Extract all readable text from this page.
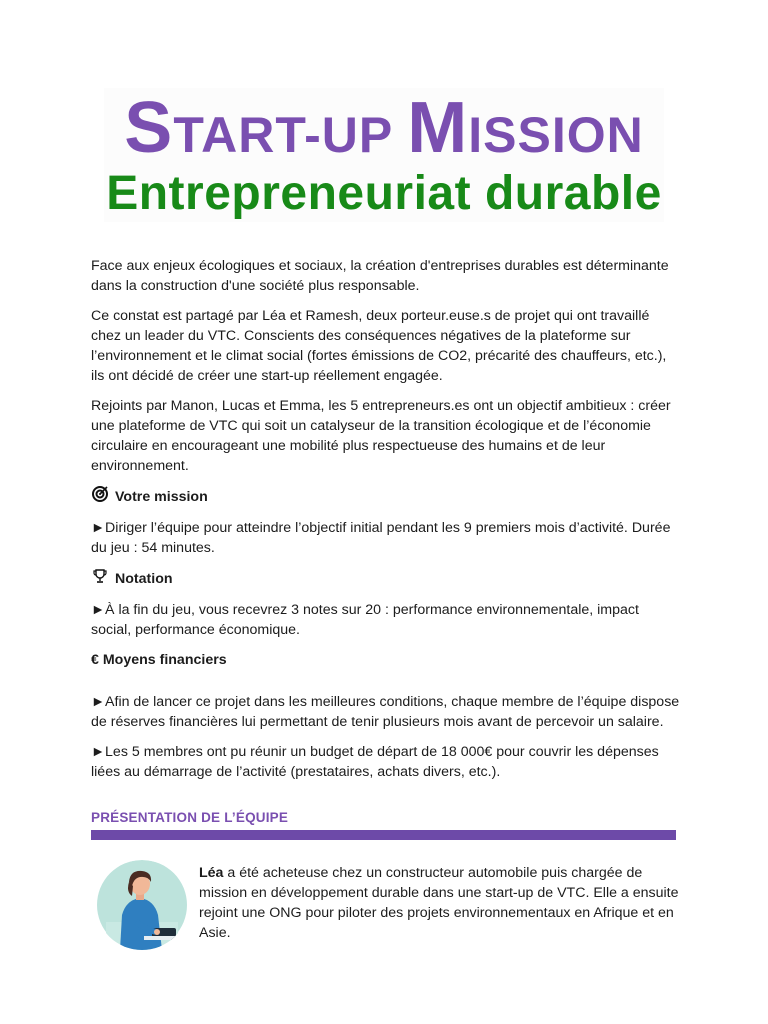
START-UP MISSION
Entrepreneuriat durable

Face aux enjeux écologiques et sociaux, la création d'entreprises durables est déterminante dans la construction d'une société plus responsable.

Ce constat est partagé par Léa et Ramesh, deux porteur.euse.s de projet qui ont travaillé chez un leader du VTC. Conscients des conséquences négatives de la plateforme sur l’environnement et le climat social (fortes émissions de CO2, précarité des chauffeurs, etc.), ils ont décidé de créer une start-up réellement engagée.

Rejoints par Manon, Lucas et Emma, les 5 entrepreneurs.es ont un objectif ambitieux : créer une plateforme de VTC qui soit un catalyseur de la transition écologique et de l’économie circulaire en encourageant une mobilité plus respectueuse des humains et de leur environnement.

Votre mission

►Diriger l’équipe pour atteindre l’objectif initial pendant les 9 premiers mois d’activité. Durée du jeu : 54 minutes.

Notation

►À la fin du jeu, vous recevrez 3 notes sur 20 : performance environnementale, impact social, performance économique.

€ Moyens financiers

►Afin de lancer ce projet dans les meilleures conditions, chaque membre de l’équipe dispose de réserves financières lui permettant de tenir plusieurs mois avant de percevoir un salaire.

►Les 5 membres ont pu réunir un budget de départ de 18 000€ pour couvrir les dépenses liées au démarrage de l’activité (prestataires, achats divers, etc.).

PRÉSENTATION DE L’ÉQUIPE
Léa a été acheteuse chez un constructeur automobile puis chargée de mission en développement durable dans une start-up de VTC. Elle a ensuite rejoint une ONG pour piloter des projets environnementaux en Afrique et en Asie.
